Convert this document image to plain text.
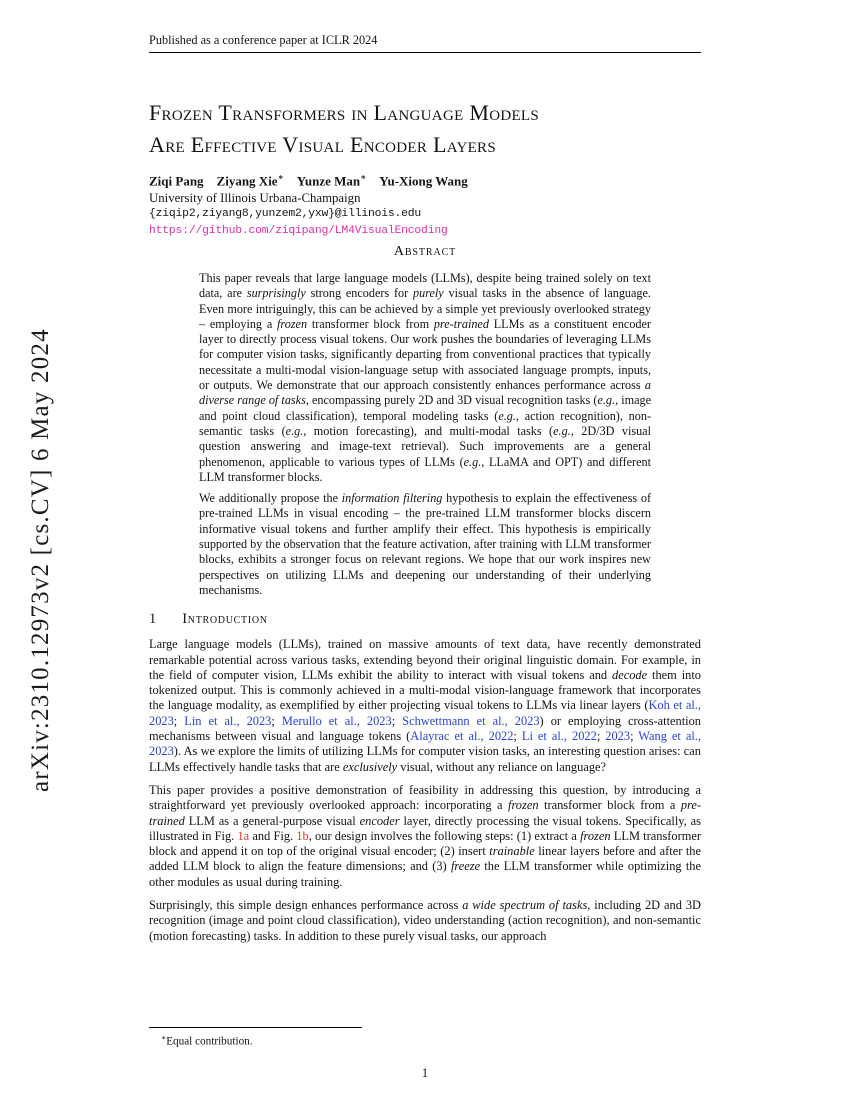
arXiv:2310.12973v2 [cs.CV] 6 May 2024
Published as a conference paper at ICLR 2024
Frozen Transformers in Language Models
Are Effective Visual Encoder Layers
Ziqi Pang  Ziyang Xie∗  Yunze Man∗  Yu-Xiong Wang
University of Illinois Urbana-Champaign
{ziqip2,ziyang8,yunzem2,yxw}@illinois.edu
https://github.com/ziqipang/LM4VisualEncoding
Abstract

This paper reveals that large language models (LLMs), despite being trained solely on text data, are surprisingly strong encoders for purely visual tasks in the absence of language. Even more intriguingly, this can be achieved by a simple yet previously overlooked strategy – employing a frozen transformer block from pre-trained LLMs as a constituent encoder layer to directly process visual tokens. Our work pushes the boundaries of leveraging LLMs for computer vision tasks, significantly departing from conventional practices that typically necessitate a multi-modal vision-language setup with associated language prompts, inputs, or outputs. We demonstrate that our approach consistently enhances performance across a diverse range of tasks, encompassing purely 2D and 3D visual recognition tasks (e.g., image and point cloud classification), temporal modeling tasks (e.g., action recognition), non-semantic tasks (e.g., motion forecasting), and multi-modal tasks (e.g., 2D/3D visual question answering and image-text retrieval). Such improvements are a general phenomenon, applicable to various types of LLMs (e.g., LLaMA and OPT) and different LLM transformer blocks.

We additionally propose the information filtering hypothesis to explain the effectiveness of pre-trained LLMs in visual encoding – the pre-trained LLM transformer blocks discern informative visual tokens and further amplify their effect. This hypothesis is empirically supported by the observation that the feature activation, after training with LLM transformer blocks, exhibits a stronger focus on relevant regions. We hope that our work inspires new perspectives on utilizing LLMs and deepening our understanding of their underlying mechanisms.

1 Introduction

Large language models (LLMs), trained on massive amounts of text data, have recently demonstrated remarkable potential across various tasks, extending beyond their original linguistic domain. For example, in the field of computer vision, LLMs exhibit the ability to interact with visual tokens and decode them into tokenized output. This is commonly achieved in a multi-modal vision-language framework that incorporates the language modality, as exemplified by either projecting visual tokens to LLMs via linear layers (Koh et al., 2023; Lin et al., 2023; Merullo et al., 2023; Schwettmann et al., 2023) or employing cross-attention mechanisms between visual and language tokens (Alayrac et al., 2022; Li et al., 2022; 2023; Wang et al., 2023). As we explore the limits of utilizing LLMs for computer vision tasks, an interesting question arises: can LLMs effectively handle tasks that are exclusively visual, without any reliance on language?

This paper provides a positive demonstration of feasibility in addressing this question, by introducing a straightforward yet previously overlooked approach: incorporating a frozen transformer block from a pre-trained LLM as a general-purpose visual encoder layer, directly processing the visual tokens. Specifically, as illustrated in Fig. 1a and Fig. 1b, our design involves the following steps: (1) extract a frozen LLM transformer block and append it on top of the original visual encoder; (2) insert trainable linear layers before and after the added LLM block to align the feature dimensions; and (3) freeze the LLM transformer while optimizing the other modules as usual during training.

Surprisingly, this simple design enhances performance across a wide spectrum of tasks, including 2D and 3D recognition (image and point cloud classification), video understanding (action recognition), and non-semantic (motion forecasting) tasks. In addition to these purely visual tasks, our approach

∗Equal contribution.
1
